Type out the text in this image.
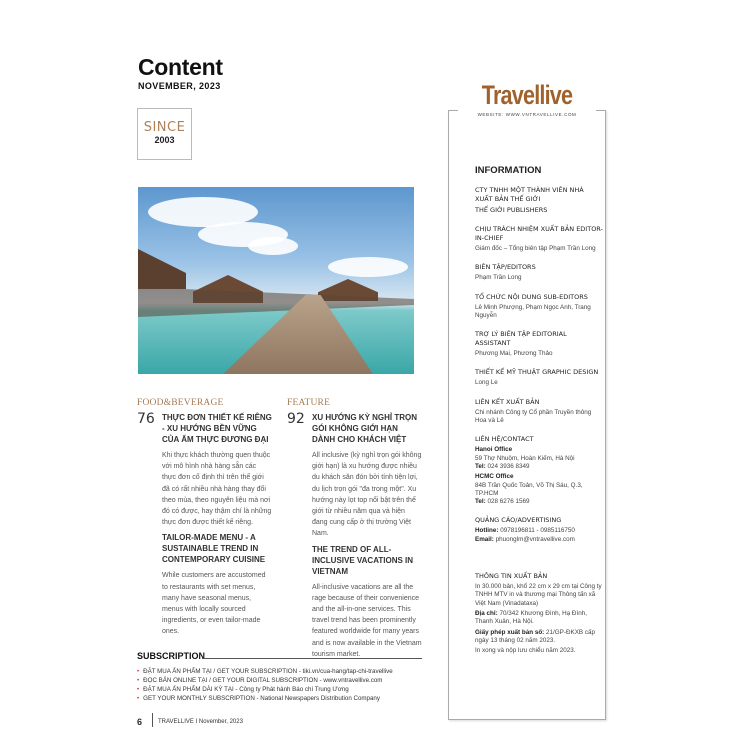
Content
NOVEMBER, 2023
SINCE
2003
FOOD&BEVERAGE
76 THỰC ĐƠN THIẾT KẾ RIÊNG - XU HƯỚNG BỀN VỮNG CỦA ẨM THỰC ĐƯƠNG ĐẠI
Khi thực khách thường quen thuộc với mô hình nhà hàng sẵn các thực đơn cố định thì trên thế giới đã có rất nhiều nhà hàng thay đổi theo mùa, theo nguyên liệu mà nơi đó có được, hay thậm chí là những thực đơn được thiết kế riêng.
TAILOR-MADE MENU - A SUSTAINABLE TREND IN CONTEMPORARY CUISINE
While customers are accustomed to restaurants with set menus, many have seasonal menus, menus with locally sourced ingredients, or even tailor-made ones.
FEATURE
92 XU HƯỚNG KỲ NGHỈ TRỌN GÓI KHÔNG GIỚI HẠN DÀNH CHO KHÁCH VIỆT
All inclusive (kỳ nghỉ trọn gói không giới hạn) là xu hướng được nhiều du khách săn đón bởi tính tiện lợi, du lịch trọn gói "đa trong một". Xu hướng này lọt top nổi bật trên thế giới từ nhiều năm qua và hiện đang cung cấp ở thị trường Việt Nam.
THE TREND OF ALL-INCLUSIVE VACATIONS IN VIETNAM
All-inclusive vacations are all the rage because of their convenience and the all-in-one services. This travel trend has been prominently featured worldwide for many years and is now available in the Vietnam tourism market.
SUBSCRIPTION
• ĐẶT MUA ẤN PHẨM TẠI / GET YOUR SUBSCRIPTION - tiki.vn/cua-hang/tap-chi-travellive
• ĐỌC BẢN ONLINE TẠI / GET YOUR DIGITAL SUBSCRIPTION - www.vntravellive.com
• ĐẶT MUA ẤN PHẨM DÀI KỲ TẠI - Công ty Phát hành Báo chí Trung Ương
• GET YOUR MONTHLY SUBSCRIPTION - National Newspapers Distribution Company
6	TRAVELLIVE I November, 2023
Travellive
WEBSITE: WWW.VNTRAVELLIVE.COM
INFORMATION
CTY TNHH MỘT THÀNH VIÊN NHÀ XUẤT BẢN THẾ GIỚI
THẾ GIỚI PUBLISHERS
CHỊU TRÁCH NHIỆM XUẤT BẢN EDITOR-IN-CHIEF
Giám đốc – Tổng biên tập Phạm Trần Long
BIÊN TẬP/EDITORS
Phạm Trần Long
TỔ CHỨC NỘI DUNG SUB-EDITORS
Lê Minh Phượng, Phạm Ngọc Anh, Trang Nguyễn
TRỢ LÝ BIÊN TẬP EDITORIAL ASSISTANT
Phương Mai, Phương Thảo
THIẾT KẾ MỸ THUẬT GRAPHIC DESIGN
Long Le
LIÊN KẾT XUẤT BẢN
Chi nhánh Công ty Cổ phần Truyền thông Hoa và Lê
LIÊN HỆ/CONTACT
Hanoi Office
59 Thợ Nhuộm, Hoàn Kiếm, Hà Nội
Tel: 024 3936 8349
HCMC Office
84B Trần Quốc Toản, Võ Thị Sáu, Q.3, TP.HCM
Tel: 028 6276 1569
QUẢNG CÁO/ADVERTISING
Hotline: 0978196811 - 0985116750
Email: phuonglm@vntravellive.com
THÔNG TIN XUẤT BẢN
In 30.000 bản, khổ 22 cm x 29 cm tại Công ty TNHH MTV in và thương mại Thông tấn xã Việt Nam (Vinadataxa)
Địa chỉ: 70/342 Khương Đình, Hạ Đình, Thanh Xuân, Hà Nội.
Giấy phép xuất bản số: 21/GP-ĐKXB cấp ngày 13 tháng 02 năm 2023.
In xong và nộp lưu chiểu năm 2023.
